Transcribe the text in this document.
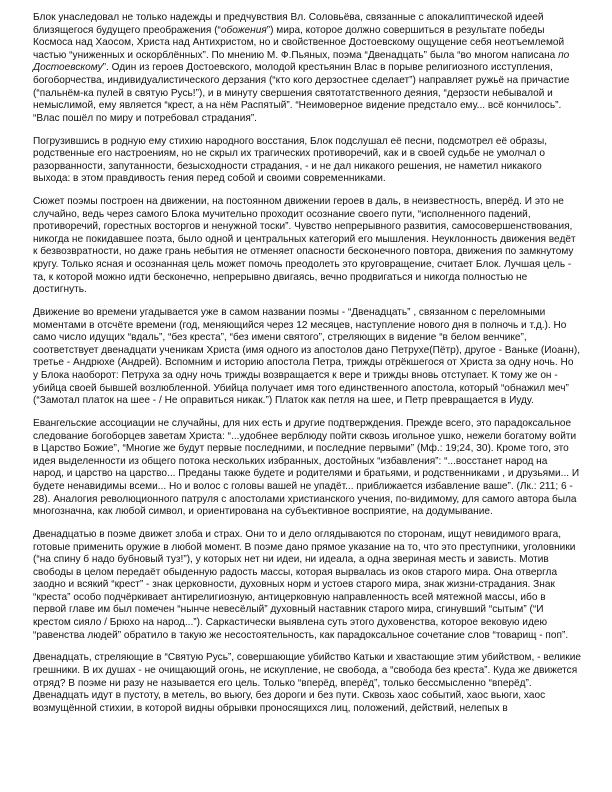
Блок унаследовал не только надежды и предчувствия Вл. Соловьёва, связанные с апокалиптической идеей близящегося будущего преображения (“обожения”) мира, которое должно совершиться в результате победы Космоса над Хаосом, Христа над Антихристом, но и свойственное Достоевскому ощущение себя неотъемлемой частью “униженных и оскорблённых”. По мнению М. Ф.Пьяных, поэма “Двенадцать” была “во многом написана по Достоевскому”. Один из героев Достоевского, молодой крестьянин Влас в порыве религиозного исступления, богоборчества, индивидуалистического дерзания (“кто кого дерзостнее сделает”) направляет ружьё на причастие (“пальнём-ка пулей в святую Русь!”), и в минуту свершения святотатственного деяния, “дерзости небывалой и немыслимой, ему является “крест, а на нём Распятый”. “Неимоверное видение предстало ему... всё кончилось”. “Влас пошёл по миру и потребовал страдания”.

Погрузившись в родную ему стихию народного восстания, Блок подслушал её песни, подсмотрел её образы, родственные его настроениям, но не скрыл их трагических противоречий, как и в своей судьбе не умолчал о разорванности, запутанности, безысходности страдания, - и не дал никакого решения, не наметил никакого выхода: в этом правдивость гения перед собой и своими современниками.

Сюжет поэмы построен на движении, на постоянном движении героев в даль, в неизвестность, вперёд. И это не случайно, ведь через самого Блока мучительно проходит осознание своего пути, “исполненного падений, противоречий, горестных восторгов и ненужной тоски”. Чувство непрерывного развития, самосовершенствования, никогда не покидавшее поэта, было одной и центральных категорий его мышления. Неуклонность движения ведёт к безвозвратности, но даже грань небытия не отменяет опасности бесконечного повтора, движения по замкнутому кругу. Только ясная и осознанная цель может помочь преодолеть это круговращение, считает Блок. Лучшая цель - та, к которой можно идти бесконечно, непрерывно двигаясь, вечно продвигаться и никогда полностью не достигнуть.

Движение во времени угадывается уже в самом названии поэмы - “Двенадцать” , связанном с переломными моментами в отсчёте времени (год, меняющийся через 12 месяцев, наступление нового дня в полночь и т.д.). Но само число идущих “вдаль”, “без креста”, “без имени святого”, стреляющих в видение “в белом венчике”, соответствует двенадцати ученикам Христа (имя одного из апостолов дано Петрухе(Пётр), другое - Ваньке (Иоанн), третье - Андрюхе (Андрей). Вспомним и историю апостола Петра, трижды отрёкшегося от Христа за одну ночь. Но у Блока наоборот: Петруха за одну ночь трижды возвращается к вере и трижды вновь отступает. К тому же он - убийца своей бывшей возлюбленной. Убийца получает имя того единственного апостола, который “обнажил меч” (“Замотал платок на шее - / Не оправиться никак.”) Платок как петля на шее, и Петр превращается в Иуду.

Евангельские ассоциации не случайны, для них есть и другие подтверждения. Прежде всего, это парадоксальное следование богоборцев заветам Христа: “...удобнее верблюду пойти сквозь игольное ушко, нежели богатому войти в Царство Божие”, “Многие же будут первые последними, и последние первыми” (Мф.: 19;24, 30). Кроме того, это идея выделенности из общего потока нескольких избранных, достойных “избавления”: “...восстанет народ на народ, и царство на царство... Преданы также будете и родителями и братьями, и родственниками , и друзьями... И будете ненавидимы всеми... Но и волос с головы вашей не упадёт... приближается избавление ваше”. (Лк.: 211; 6 - 28). Аналогия революционного патруля с апостолами христианского учения, по-видимому, для самого автора была многозначна, как любой символ, и ориентирована на субъективное восприятие, на додумывание.

Двенадцатью в поэме движет злоба и страх. Они то и дело оглядываются по сторонам, ищут невидимого врага, готовые применить оружие в любой момент. В поэме дано прямое указание на то, что это преступники, уголовники (“на спину б надо бубновый туз!”), у которых нет ни идеи, ни идеала, а одна звериная месть и зависть. Мотив свободы в целом передаёт обыденную радость массы, которая вырвалась из оков старого мира. Она отвергла заодно и всякий “крест” - знак церковности, духовных норм и устоев старого мира, знак жизни-страдания. Знак “креста” особо подчёркивает антирелигиозную, антицерковную направленность всей мятежной массы, ибо в первой главе им был помечен “нынче невесёлый” духовный наставник старого мира, сгинувший “сытым” (“И крестом сияло / Брюхо на народ...”). Саркастически выявлена суть этого духовенства, которое вековую идею “равенства людей” обратило в такую же несостоятельность, как парадоксальное сочетание слов “товарищ - поп”.

Двенадцать, стреляющие в “Святую Русь”, совершающие убийство Катьки и хвастающие этим убийством, - великие грешники. В их душах - не очищающий огонь, не искупление, не свобода, а “свобода без креста”. Куда же движется отряд? В поэме ни разу не называется его цель. Только “вперёд, вперёд”, только бессмысленно “вперёд”. Двенадцать идут в пустоту, в метель, во вьюгу, без дороги и без пути. Сквозь хаос событий, хаос вьюги, хаос возмущённой стихии, в которой видны обрывки проносящихся лиц, положений, действий, нелепых в
